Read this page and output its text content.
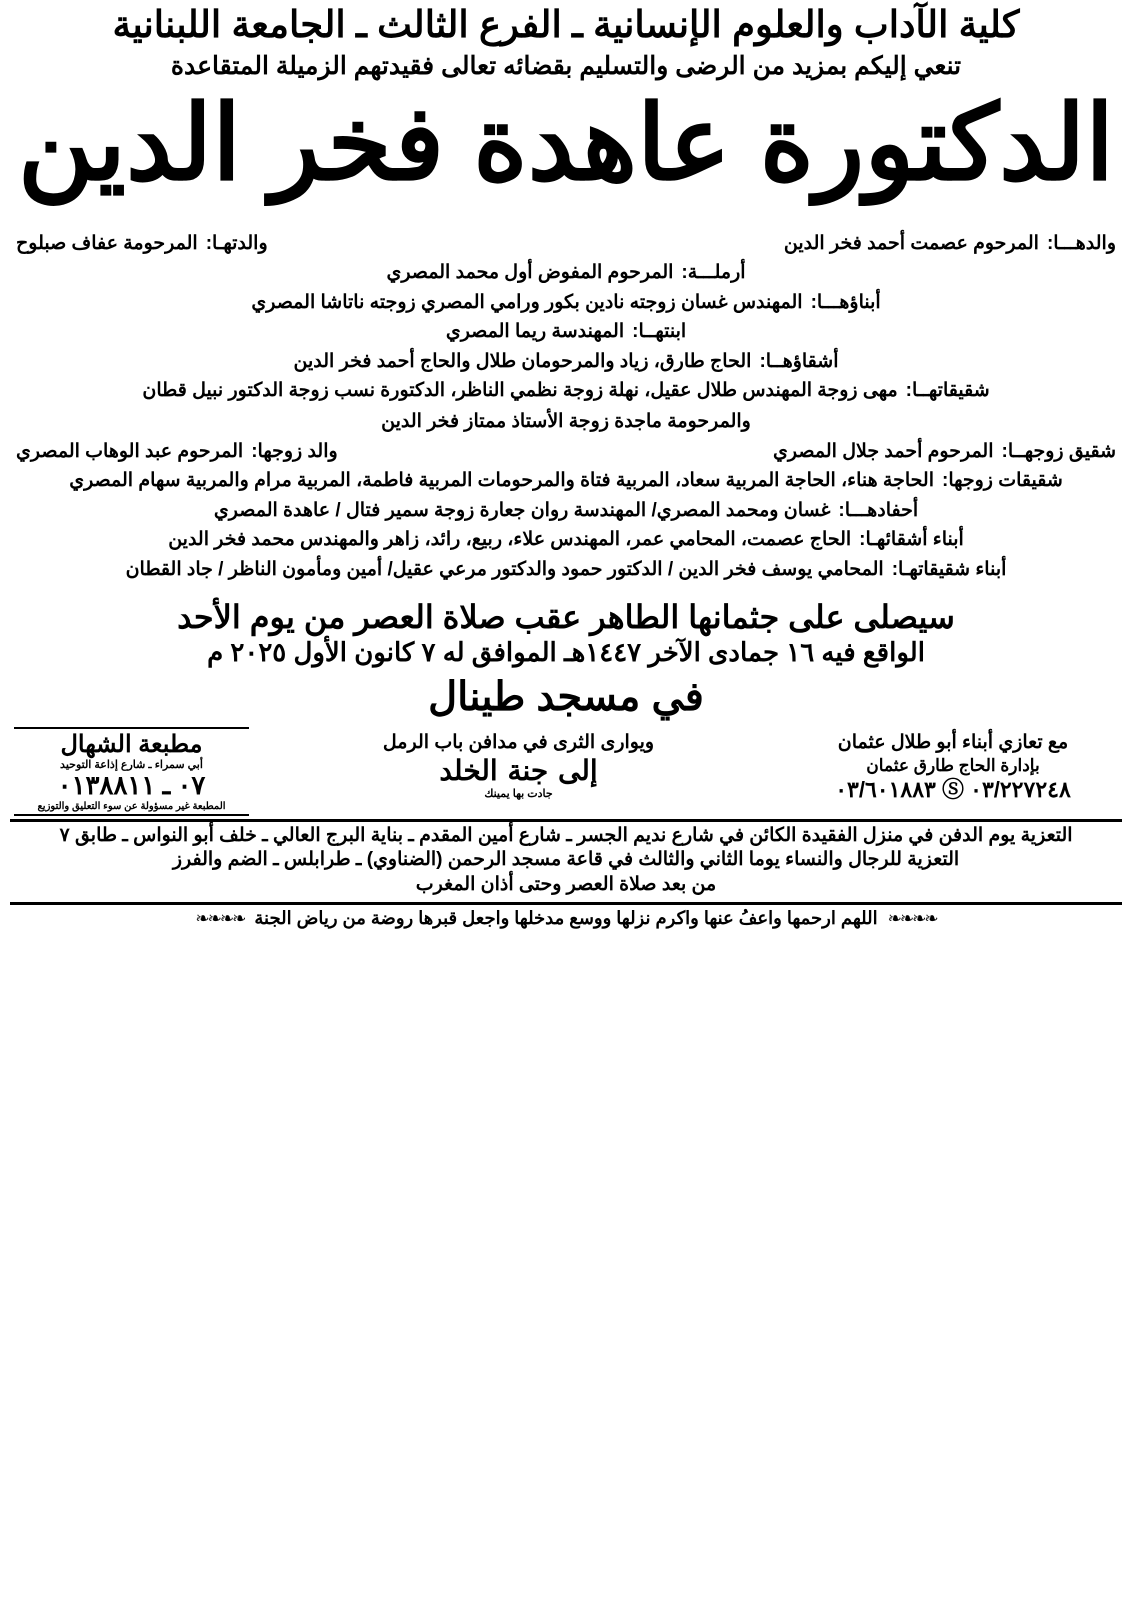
كلية الآداب والعلوم الإنسانية ـ الفرع الثالث ـ الجامعة اللبنانية
تنعي إليكم بمزيد من الرضى والتسليم بقضائه تعالى فقيدتهم الزميلة المتقاعدة
الدكتورة عاهدة فخر الدين
والدهـــا :
المرحوم عصمت أحمد فخر الدين
والدتهـا :
المرحومة عفاف صبلوح
أرملـــة :
المرحوم المفوض أول محمد المصري
أبناؤهـــا :
المهندس غسان زوجته نادين بكور ورامي المصري زوجته ناتاشا المصري
ابنتهــا :
المهندسة ريما المصري
أشقاؤهــا :
الحاج طارق، زياد والمرحومان طلال والحاج أحمد فخر الدين
شقيقاتهــا :
مهى زوجة المهندس طلال عقيل، نهلة زوجة نظمي الناظر، الدكتورة نسب زوجة الدكتور نبيل قطان
والمرحومة ماجدة زوجة الأستاذ ممتاز فخر الدين
شقيق زوجهــا :
المرحوم أحمد جلال المصري
والد زوجها :
المرحوم عبد الوهاب المصري
شقيقات زوجها :
الحاجة هناء، الحاجة المربية سعاد، المربية فتاة والمرحومات المربية فاطمة، المربية مرام والمربية سهام المصري
أحفادهـــا :
غسان ومحمد المصري/ المهندسة روان جعارة زوجة سمير فتال / عاهدة المصري
أبناء أشقائهـا :
الحاج عصمت، المحامي عمر، المهندس علاء، ربيع، رائد، زاهر والمهندس محمد فخر الدين
أبناء شقيقاتهـا :
المحامي يوسف فخر الدين / الدكتور حمود والدكتور مرعي عقيل/ أمين ومأمون الناظر / جاد القطان
سيصلى على جثمانها الطاهر عقب صلاة العصر من يوم الأحد
الواقع فيه ١٦ جمادى الآخر ١٤٤٧هـ الموافق له ٧ كانون الأول ٢٠٢٥ م
في مسجد طينال
مع تعازي أبناء أبو طلال عثمان
بإدارة الحاج طارق عثمان
٠٣/٢٢٧٢٤٨ Ⓢ ٠٣/٦٠١٨٨٣
ويوارى الثرى في مدافن باب الرمل
إلى جنة الخلد
جادت بها يمينك
مطبعة الشهال
أبي سمراء ـ شارع إذاعة التوحيد
٠٧ ـ ٠١٣٨٨١١
المطبعة غير مسؤولة عن سوء التعليق والتوزيع
التعزية يوم الدفن في منزل الفقيدة الكائن في شارع نديم الجسر ـ شارع أمين المقدم ـ بناية البرج العالي ـ خلف أبو النواس ـ طابق ٧
التعزية للرجال والنساء يوما الثاني والثالث في قاعة مسجد الرحمن (الضناوي) ـ طرابلس ـ الضم والفرز
من بعد صلاة العصر وحتى أذان المغرب
❧❧❧❧
اللهم ارحمها واعفُ عنها واكرم نزلها ووسع مدخلها واجعل قبرها روضة من رياض الجنة
❧❧❧❧
